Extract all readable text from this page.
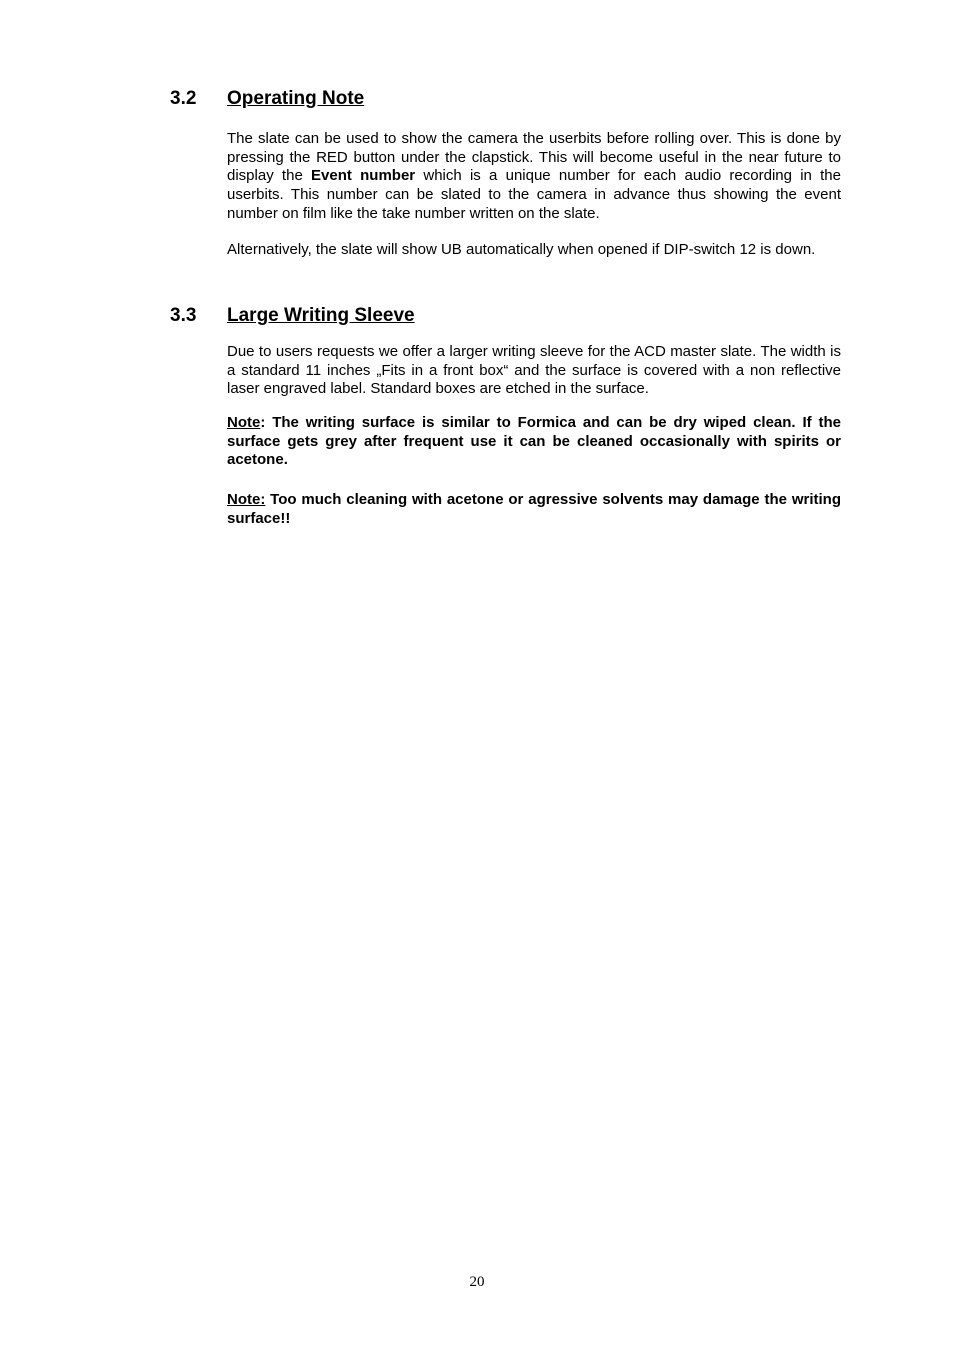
3.2 Operating Note

The slate can be used to show the camera the userbits before rolling over. This is done by pressing the RED button under the clapstick. This will become useful in the near future to display the Event number which is a unique number for each audio recording in the userbits. This number can be slated to the camera in advance thus showing the event number on film like the take number written on the slate.

Alternatively, the slate will show UB automatically when opened if DIP-switch 12 is down.

3.3 Large Writing Sleeve

Due to users requests we offer a larger writing sleeve for the ACD master slate. The width is a standard 11 inches „Fits in a front box“ and the surface is covered with a non reflective laser engraved label. Standard boxes are etched in the surface.

Note: The writing surface is similar to Formica and can be dry wiped clean. If the surface gets grey after frequent use it can be cleaned occasionally with spirits or acetone.

Note: Too much cleaning with acetone or agressive solvents may damage the writing surface!!

20
